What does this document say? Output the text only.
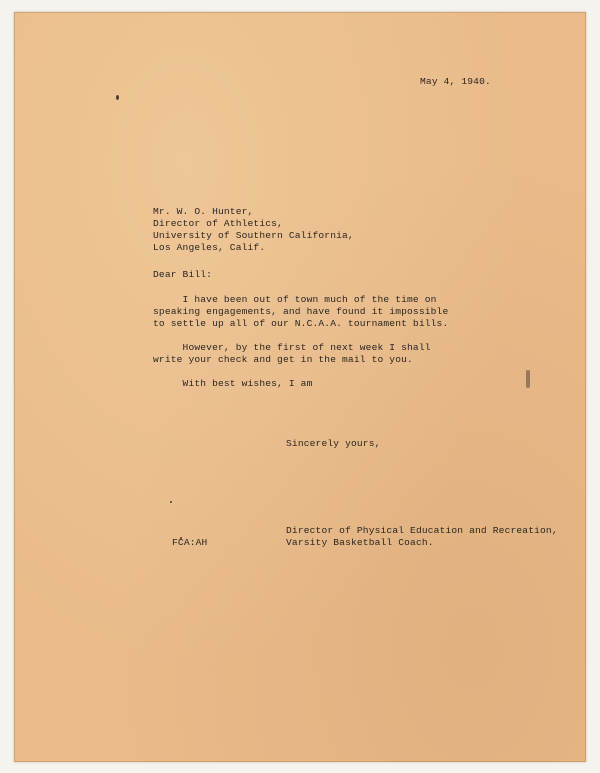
May 4, 1940.
Mr. W. O. Hunter,
Director of Athletics,
University of Southern California,
Los Angeles, Calif.
Dear Bill:
I have been out of town much of the time on
speaking engagements, and have found it impossible
to settle up all of our N.C.A.A. tournament bills.
However, by the first of next week I shall
write your check and get in the mail to you.
With best wishes, I am
Sincerely yours,
Director of Physical Education and Recreation,
Varsity Basketball Coach.
FCA:AH
